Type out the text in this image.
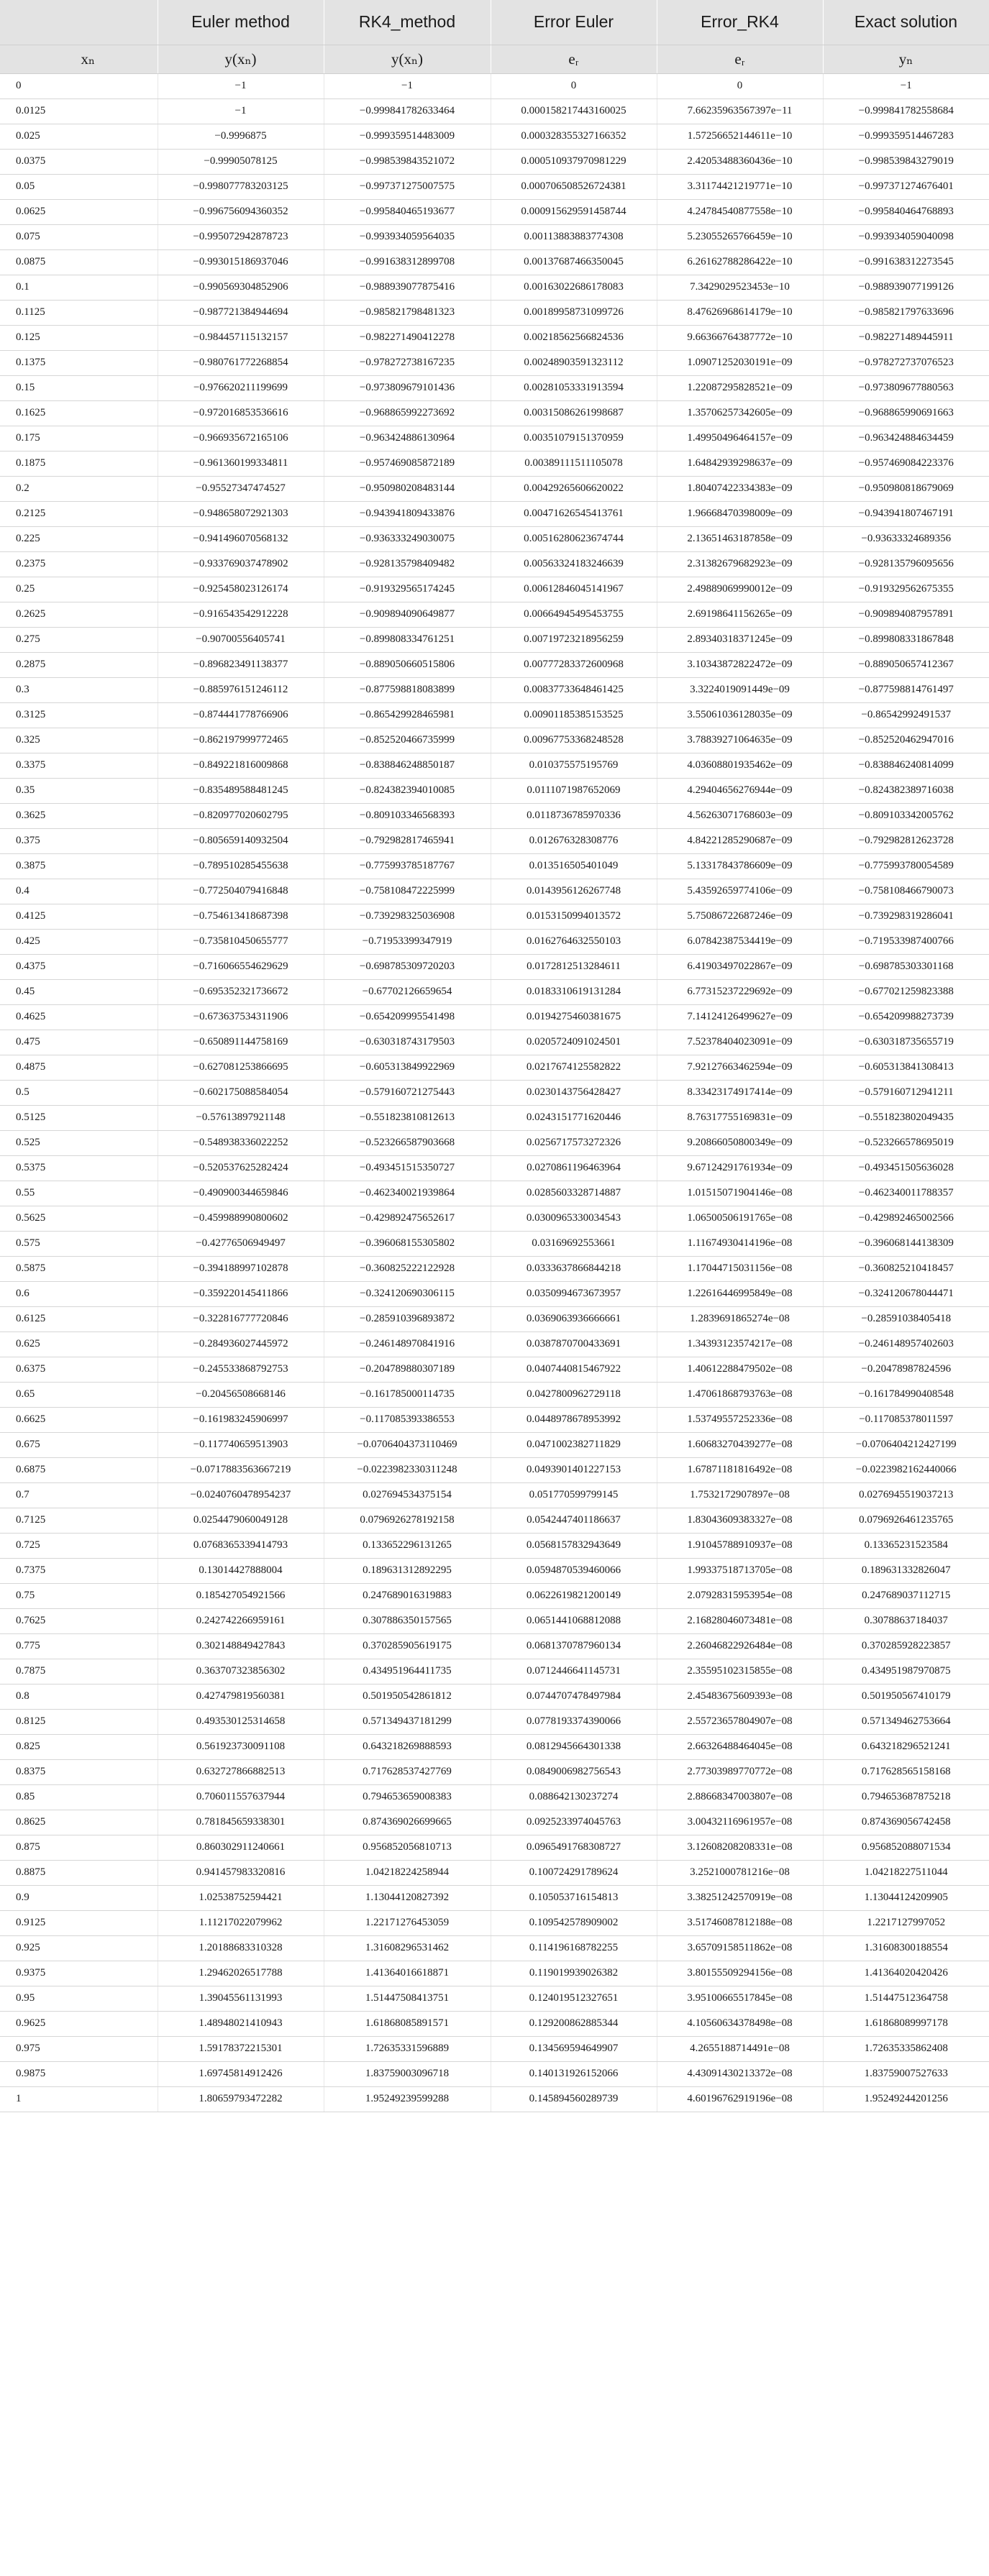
	Euler method	RK4_method	Error Euler	Error_RK4	Exact solution
xₙ	y(xₙ)	y(xₙ)	eᵣ	eᵣ	yₙ
0	−1	−1	0	0	−1
0.0125	−1	−0.999841782633464	0.000158217443160025	7.66235963567397e−11	−0.999841782558684
0.025	−0.9996875	−0.999359514483009	0.000328355327166352	1.57256652144611e−10	−0.999359514467283
0.0375	−0.99905078125	−0.998539843521072	0.000510937970981229	2.42053488360436e−10	−0.998539843279019
0.05	−0.998077783203125	−0.997371275007575	0.000706508526724381	3.31174421219771e−10	−0.997371274676401
0.0625	−0.996756094360352	−0.995840465193677	0.000915629591458744	4.24784540877558e−10	−0.995840464768893
0.075	−0.995072942878723	−0.993934059564035	0.00113883883774308	5.23055265766459e−10	−0.993934059040098
0.0875	−0.993015186937046	−0.991638312899708	0.00137687466350045	6.26162788286422e−10	−0.991638312273545
0.1	−0.990569304852906	−0.988939077875416	0.00163022686178083	7.3429029523453e−10	−0.988939077199126
0.1125	−0.987721384944694	−0.985821798481323	0.00189958731099726	8.47626968614179e−10	−0.985821797633696
0.125	−0.984457115132157	−0.982271490412278	0.00218562566824536	9.66366764387772e−10	−0.982271489445911
0.1375	−0.980761772268854	−0.978272738167235	0.00248903591323112	1.09071252030191e−09	−0.978272737076523
0.15	−0.976620211199699	−0.973809679101436	0.00281053331913594	1.22087295828521e−09	−0.973809677880563
0.1625	−0.972016853536616	−0.968865992273692	0.00315086261998687	1.35706257342605e−09	−0.968865990691663
0.175	−0.966935672165106	−0.963424886130964	0.00351079151370959	1.49950496464157e−09	−0.963424884634459
0.1875	−0.961360199334811	−0.957469085872189	0.00389111511105078	1.64842939298637e−09	−0.957469084223376
0.2	−0.95527347474527	−0.950980208483144	0.00429265606620022	1.80407422334383e−09	−0.950980818679069
0.2125	−0.948658072921303	−0.943941809433876	0.00471626545413761	1.96668470398009e−09	−0.943941807467191
0.225	−0.941496070568132	−0.936333249030075	0.00516280623674744	2.13651463187858e−09	−0.93633324689356
0.2375	−0.933769037478902	−0.928135798409482	0.00563324183246639	2.31382679682923e−09	−0.928135796095656
0.25	−0.925458023126174	−0.919329565174245	0.00612846045141967	2.49889069990012e−09	−0.919329562675355
0.2625	−0.916543542912228	−0.909894090649877	0.00664945495453755	2.69198641156265e−09	−0.909894087957891
0.275	−0.90700556405741	−0.899808334761251	0.00719723218956259	2.89340318371245e−09	−0.899808331867848
0.2875	−0.896823491138377	−0.889050660515806	0.00777283372600968	3.10343872822472e−09	−0.889050657412367
0.3	−0.885976151246112	−0.877598818083899	0.00837733648461425	3.3224019091449e−09	−0.877598814761497
0.3125	−0.874441778766906	−0.865429928465981	0.00901185385153525	3.55061036128035e−09	−0.86542992491537
0.325	−0.862197999772465	−0.852520466735999	0.00967753368248528	3.78839271064635e−09	−0.852520462947016
0.3375	−0.849221816009868	−0.838846248850187	0.010375575195769	4.03608801935462e−09	−0.838846240814099
0.35	−0.835489588481245	−0.824382394010085	0.0111071987652069	4.29404656276944e−09	−0.824382389716038
0.3625	−0.820977020602795	−0.809103346568393	0.0118736785970336	4.56263071768603e−09	−0.809103342005762
0.375	−0.805659140932504	−0.792982817465941	0.012676328308776	4.84221285290687e−09	−0.792982812623728
0.3875	−0.789510285455638	−0.775993785187767	0.013516505401049	5.13317843786609e−09	−0.775993780054589
0.4	−0.772504079416848	−0.758108472225999	0.0143956126267748	5.43592659774106e−09	−0.758108466790073
0.4125	−0.754613418687398	−0.739298325036908	0.0153150994013572	5.75086722687246e−09	−0.739298319286041
0.425	−0.735810450655777	−0.71953399347919	0.0162764632550103	6.07842387534419e−09	−0.719533987400766
0.4375	−0.716066554629629	−0.698785309720203	0.0172812513284611	6.41903497022867e−09	−0.698785303301168
0.45	−0.695352321736672	−0.67702126659654	0.0183310619131284	6.77315237229692e−09	−0.677021259823388
0.4625	−0.673637534311906	−0.654209995541498	0.0194275460381675	7.14124126499627e−09	−0.654209988273739
0.475	−0.650891144758169	−0.630318743179503	0.0205724091024501	7.52378404023091e−09	−0.630318735655719
0.4875	−0.627081253866695	−0.605313849922969	0.0217674125582822	7.92127663462594e−09	−0.605313841308413
0.5	−0.602175088584054	−0.579160721275443	0.0230143756428427	8.33423174917414e−09	−0.579160712941211
0.5125	−0.57613897921148	−0.551823810812613	0.0243151771620446	8.76317755169831e−09	−0.551823802049435
0.525	−0.548938336022252	−0.523266587903668	0.0256717573272326	9.20866050800349e−09	−0.523266578695019
0.5375	−0.520537625282424	−0.493451515350727	0.0270861196463964	9.67124291761934e−09	−0.493451505636028
0.55	−0.490900344659846	−0.462340021939864	0.0285603328714887	1.01515071904146e−08	−0.462340011788357
0.5625	−0.459988990800602	−0.429892475652617	0.0300965330034543	1.06500506191765e−08	−0.429892465002566
0.575	−0.42776506949497	−0.396068155305802	0.03169692553661	1.11674930414196e−08	−0.396068144138309
0.5875	−0.394188997102878	−0.360825222122928	0.0333637866844218	1.17044715031156e−08	−0.360825210418457
0.6	−0.359220145411866	−0.324120690306115	0.0350994673673957	1.22616446995849e−08	−0.324120678044471
0.6125	−0.322816777720846	−0.285910396893872	0.0369063936666661	1.2839691865274e−08	−0.28591038405418
0.625	−0.284936027445972	−0.246148970841916	0.0387870700433691	1.34393123574217e−08	−0.246148957402603
0.6375	−0.245533868792753	−0.204789880307189	0.0407440815467922	1.40612288479502e−08	−0.20478987824596
0.65	−0.20456508668146	−0.161785000114735	0.0427800962729118	1.47061868793763e−08	−0.161784990408548
0.6625	−0.161983245906997	−0.117085393386553	0.0448978678953992	1.53749557252336e−08	−0.117085378011597
0.675	−0.117740659513903	−0.0706404373110469	0.0471002382711829	1.60683270439277e−08	−0.0706404212427199
0.6875	−0.0717883563667219	−0.0223982330311248	0.0493901401227153	1.67871181816492e−08	−0.0223982162440066
0.7	−0.0240760478954237	0.027694534375154	0.051770599799145	1.7532172907897e−08	0.0276945519037213
0.7125	0.0254479060049128	0.0796926278192158	0.0542447401186637	1.83043609383327e−08	0.0796926461235765
0.725	0.0768365339414793	0.133652296131265	0.0568157832943649	1.91045788910937e−08	0.13365231523584
0.7375	0.13014427888004	0.189631312892295	0.0594870539460066	1.99337518713705e−08	0.189631332826047
0.75	0.185427054921566	0.247689016319883	0.0622619821200149	2.07928315953954e−08	0.247689037112715
0.7625	0.242742266959161	0.307886350157565	0.0651441068812088	2.16828046073481e−08	0.30788637184037
0.775	0.302148849427843	0.370285905619175	0.0681370787960134	2.26046822926484e−08	0.370285928223857
0.7875	0.363707323856302	0.434951964411735	0.0712446641145731	2.35595102315855e−08	0.434951987970875
0.8	0.427479819560381	0.501950542861812	0.0744707478497984	2.45483675609393e−08	0.501950567410179
0.8125	0.493530125314658	0.571349437181299	0.0778193374390066	2.55723657804907e−08	0.571349462753664
0.825	0.561923730091108	0.643218269888593	0.0812945664301338	2.66326488464045e−08	0.643218296521241
0.8375	0.632727866882513	0.717628537427769	0.0849006982756543	2.77303989770772e−08	0.717628565158168
0.85	0.706011557637944	0.794653659008383	0.088642130237274	2.88668347003807e−08	0.794653687875218
0.8625	0.781845659338301	0.874369026699665	0.0925233974045763	3.00432116961957e−08	0.874369056742458
0.875	0.860302911240661	0.956852056810713	0.0965491768308727	3.12608208208331e−08	0.956852088071534
0.8875	0.941457983320816	1.04218224258944	0.100724291789624	3.2521000781216e−08	1.04218227511044
0.9	1.02538752594421	1.13044120827392	0.105053716154813	3.38251242570919e−08	1.13044124209905
0.9125	1.11217022079962	1.22171276453059	0.109542578909002	3.51746087812188e−08	1.2217127997052
0.925	1.20188683310328	1.31608296531462	0.114196168782255	3.65709158511862e−08	1.31608300188554
0.9375	1.29462026517788	1.41364016618871	0.119019939026382	3.80155509294156e−08	1.41364020420426
0.95	1.39045561131993	1.51447508413751	0.124019512327651	3.95100665517845e−08	1.51447512364758
0.9625	1.48948021410943	1.61868085891571	0.129200862885344	4.10560634378498e−08	1.61868089997178
0.975	1.59178372215301	1.72635331596889	0.134569594649907	4.2655188714491e−08	1.72635335862408
0.9875	1.69745814912426	1.83759003096718	0.140131926152066	4.43091430213372e−08	1.83759007527633
1	1.80659793472282	1.95249239599288	0.145894560289739	4.60196762919196e−08	1.95249244201256
